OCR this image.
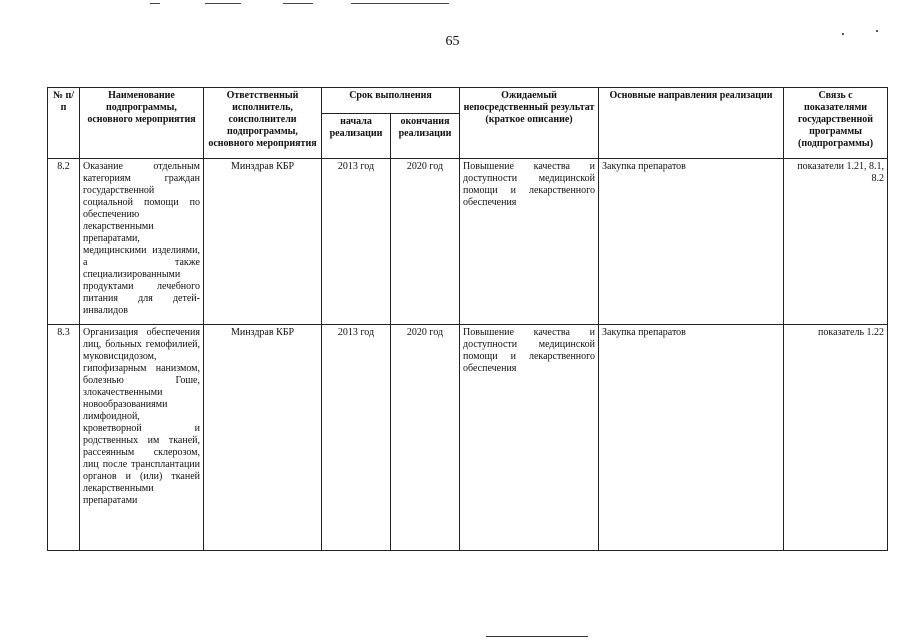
65
№ п/п	Наименование подпрограммы, основного мероприятия	Ответственный исполнитель, соисполнители подпрограммы, основного мероприятия	Срок выполнения		Ожидаемый непосредственный результат (краткое описание)	Основные направления реализации	Связь с показателями государственной программы (подпрограммы)
			начала реализации	окончания реализации			
8.2	Оказание отдельным категориям граждан государственной социальной помощи по обеспечению лекарственными препаратами, медицинскими изделиями, а также специализированными продуктами лечебного питания для детей-инвалидов	Минздрав КБР	2013 год	2020 год	Повышение качества и доступности медицинской помощи и лекарственного обеспечения	Закупка препаратов	показатели 1.21, 8.1, 8.2
8.3	Организация обеспечения лиц, больных гемофилией, муковисцидозом, гипофизарным нанизмом, болезнью Гоше, злокачественными новообразованиями лимфоидной, кроветворной и родственных им тканей, рассеянным склерозом, лиц после трансплантации органов и (или) тканей лекарственными препаратами	Минздрав КБР	2013 год	2020 год	Повышение качества и доступности медицинской помощи и лекарственного обеспечения	Закупка препаратов	показатель 1.22
